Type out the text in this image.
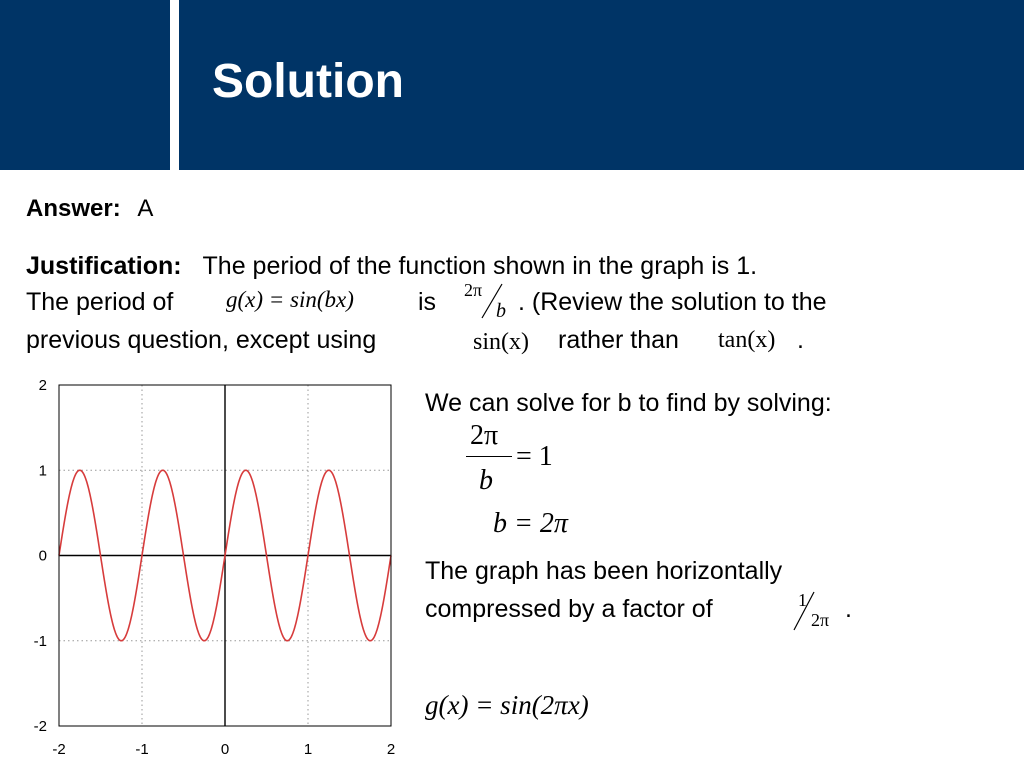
Solution
Answer: A
Justification: The period of the function shown in the graph is 1.
The period of g(x) = sin(bx)	is 2π
b . (Review the solution to the
previous question, except using	sin(x) rather than tan(x) .
-2	-1	0	1	2
2
1
0
-1
-2
We can solve for b to find by solving:
2π
b
= 1
b = 2π
The graph has been horizontally
compressed by a factor of	1
2π .
g(x) = sin(2πx)
